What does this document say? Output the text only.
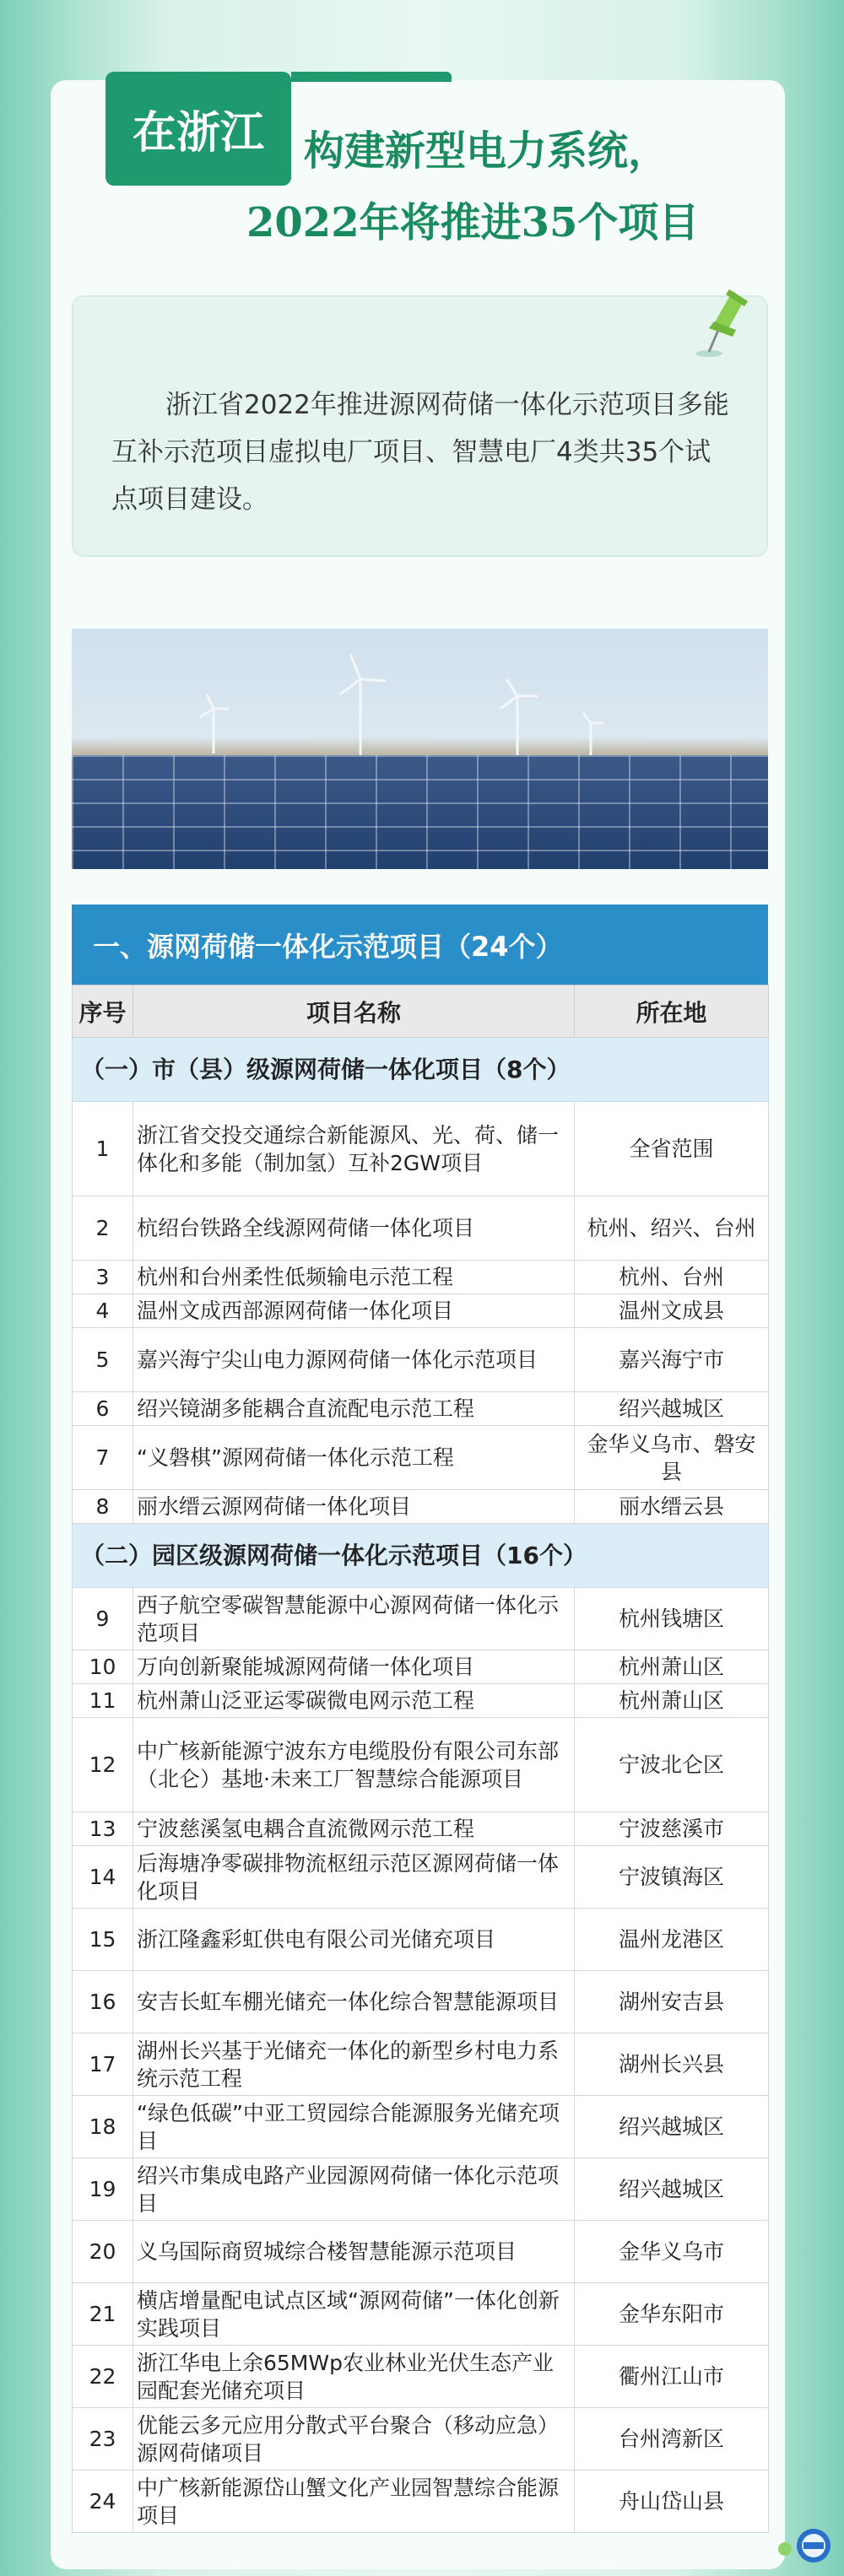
在浙江 构建新型电力系统，
2022年将推进35个项目

浙江省2022年推进源网荷储一体化示范项目多能互补示范项目虚拟电厂项目、智慧电厂4类共35个试点项目建设。

一、源网荷储一体化示范项目（24个）
序号	项目名称	所在地
（一）市（县）级源网荷储一体化项目（8个）		
1	浙江省交投交通综合新能源风、光、荷、储一体化和多能（制加氢）互补2GW项目	全省范围
2	杭绍台铁路全线源网荷储一体化项目	杭州、绍兴、台州
3	杭州和台州柔性低频输电示范工程	杭州、台州
4	温州文成西部源网荷储一体化项目	温州文成县
5	嘉兴海宁尖山电力源网荷储一体化示范项目	嘉兴海宁市
6	绍兴镜湖多能耦合直流配电示范工程	绍兴越城区
7	“义磐棋”源网荷储一体化示范工程	金华义乌市、磐安县
8	丽水缙云源网荷储一体化项目	丽水缙云县
（二）园区级源网荷储一体化示范项目（16个）		
9	西子航空零碳智慧能源中心源网荷储一体化示范项目	杭州钱塘区
10	万向创新聚能城源网荷储一体化项目	杭州萧山区
11	杭州萧山泛亚运零碳微电网示范工程	杭州萧山区
12	中广核新能源宁波东方电缆股份有限公司东部（北仑）基地·未来工厂智慧综合能源项目	宁波北仑区
13	宁波慈溪氢电耦合直流微网示范工程	宁波慈溪市
14	后海塘净零碳排物流枢纽示范区源网荷储一体化项目	宁波镇海区
15	浙江隆鑫彩虹供电有限公司光储充项目	温州龙港区
16	安吉长虹车棚光储充一体化综合智慧能源项目	湖州安吉县
17	湖州长兴基于光储充一体化的新型乡村电力系统示范工程	湖州长兴县
18	“绿色低碳”中亚工贸园综合能源服务光储充项目	绍兴越城区
19	绍兴市集成电路产业园源网荷储一体化示范项目	绍兴越城区
20	义乌国际商贸城综合楼智慧能源示范项目	金华义乌市
21	横店增量配电试点区域“源网荷储”一体化创新实践项目	金华东阳市
22	浙江华电上余65MWp农业林业光伏生态产业园配套光储充项目	衢州江山市
23	优能云多元应用分散式平台聚合（移动应急）源网荷储项目	台州湾新区
24	中广核新能源岱山蟹文化产业园智慧综合能源项目	舟山岱山县
